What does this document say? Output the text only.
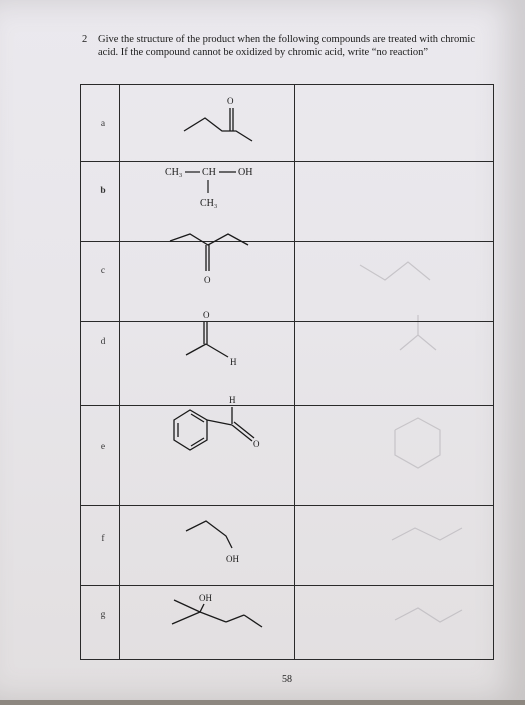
2 Give the structure of the product when the following compounds are treated with chromic acid. If the compound cannot be oxidized by chromic acid, write “no reaction”
a
b
c
d
e
f
g
O
CH₃ CH OH
CH₃
O
O
H
H
O
OH
OH
58
